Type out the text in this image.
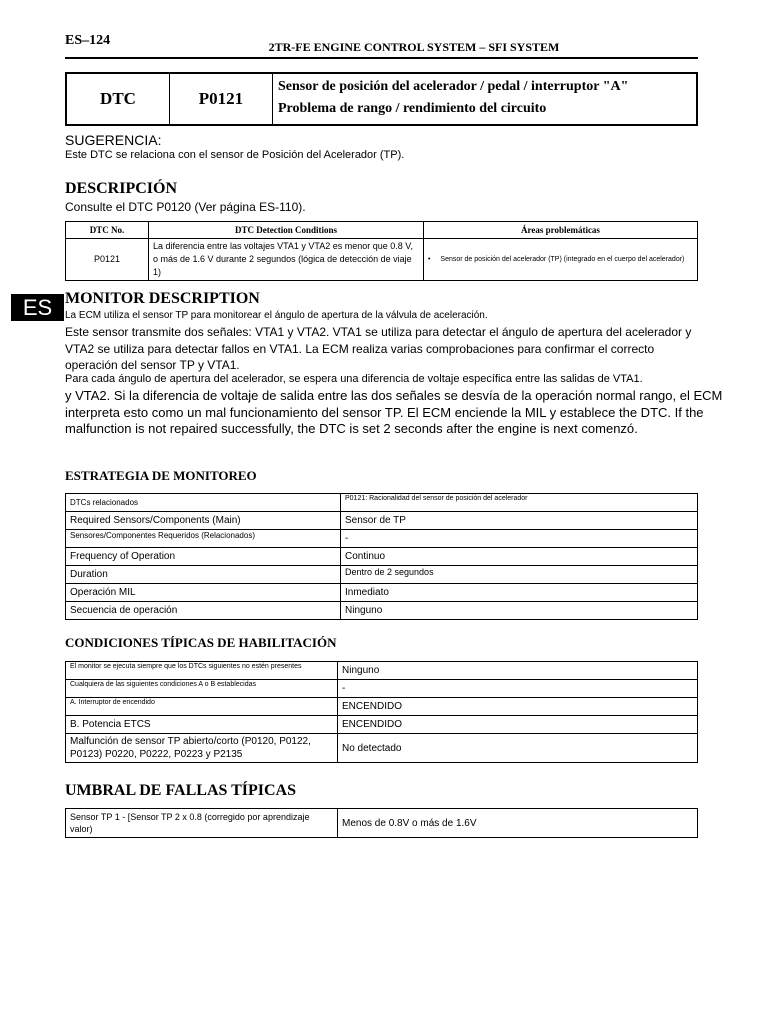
ES–124	2TR-FE ENGINE CONTROL SYSTEM – SFI SYSTEM
DTC	P0121
Sensor de posición del acelerador / pedal / interruptor "A"
Problema de rango / rendimiento del circuito
SUGERENCIA:
Este DTC se relaciona con el sensor de Posición del Acelerador (TP).
DESCRIPCIÓN
Consulte el DTC P0120 (Ver página ES-110).
DTC No.	DTC Detection Conditions	Áreas problemáticas
P0121	La diferencia entre las voltajes VTA1 y VTA2 es menor que 0.8 V, o más de 1.6 V durante 2 segundos (lógica de detección de viaje 1)	• Sensor de posición del acelerador (TP) (integrado en el cuerpo del acelerador)
ES MONITOR DESCRIPTION
La ECM utiliza el sensor TP para monitorear el ángulo de apertura de la válvula de aceleración.
Este sensor transmite dos señales: VTA1 y VTA2. VTA1 se utiliza para detectar el ángulo de apertura del acelerador y VTA2 se utiliza para detectar fallos en VTA1. La ECM realiza varias comprobaciones para confirmar el correcto operación del sensor TP y VTA1.
Para cada ángulo de apertura del acelerador, se espera una diferencia de voltaje específica entre las salidas de VTA1.
y VTA2. Si la diferencia de voltaje de salida entre las dos señales se desvía de la operación normal rango, el ECM interpreta esto como un mal funcionamiento del sensor TP. El ECM enciende la MIL y establece the DTC. If the malfunction is not repaired successfully, the DTC is set 2 seconds after the engine is next comenzó.
ESTRATEGIA DE MONITOREO
DTCs relacionados	P0121: Racionalidad del sensor de posición del acelerador
Required Sensors/Components (Main)	Sensor de TP
Sensores/Componentes Requeridos (Relacionados)	-
Frequency of Operation	Continuo
Duration	Dentro de 2 segundos
Operación MIL	Inmediato
Secuencia de operación	Ninguno
CONDICIONES TÍPICAS DE HABILITACIÓN
El monitor se ejecuta siempre que los DTCs siguientes no estén presentes	Ninguno
Cualquiera de las siguientes condiciones A o B establecidas	-
A. Interruptor de encendido	ENCENDIDO
B. Potencia ETCS	ENCENDIDO
Malfunción de sensor TP abierto/corto (P0120, P0122, P0123) P0220, P0222, P0223 y P2135	No detectado
UMBRAL DE FALLAS TÍPICAS
Sensor TP 1 - [Sensor TP 2 x 0.8 (corregido por aprendizaje valor)	Menos de 0.8V o más de 1.6V
